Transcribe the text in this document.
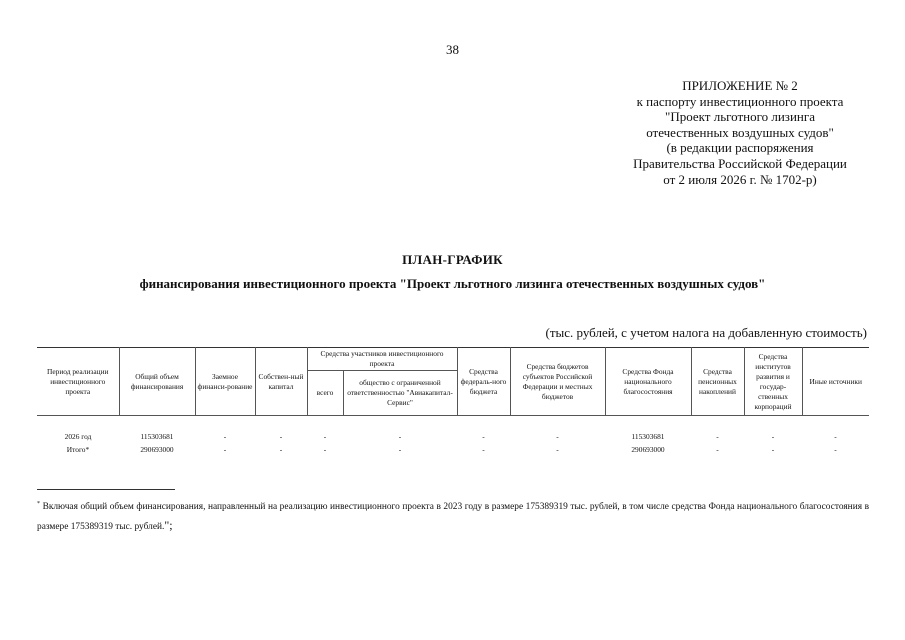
38
ПРИЛОЖЕНИЕ № 2
к паспорту инвестиционного проекта
"Проект льготного лизинга
отечественных воздушных судов"
(в редакции распоряжения
Правительства Российской Федерации
от 2 июля 2026 г. № 1702-р)
ПЛАН-ГРАФИК
финансирования инвестиционного проекта "Проект льготного лизинга отечественных воздушных судов"
(тыс. рублей, с учетом налога на добавленную стоимость)
Период реализации инвестиционного проекта	Общий объем финансирования	Заемное финанси-рование	Собствен-ный капитал	Средства участников инвестиционного проекта		Средства федераль-ного бюджета	Средства бюджетов субъектов Российской Федерации и местных бюджетов	Средства Фонда национального благосостояния	Средства пенсионных накоплений	Средства институтов развития и государ-ственных корпораций	Иные источники
				всего	общество с ограниченной ответственностью "Авиакапитал-Сервис"						

2026 год	115303681	-	-	-	-	-	-	115303681	-	-	-
Итого*	290693000	-	-	-	-	-	-	290693000	-	-	-
* Включая общий объем финансирования, направленный на реализацию инвестиционного проекта в 2023 году в размере 175389319 тыс. рублей, в том числе средства Фонда национального благосостояния в размере 175389319 тыс. рублей.";
